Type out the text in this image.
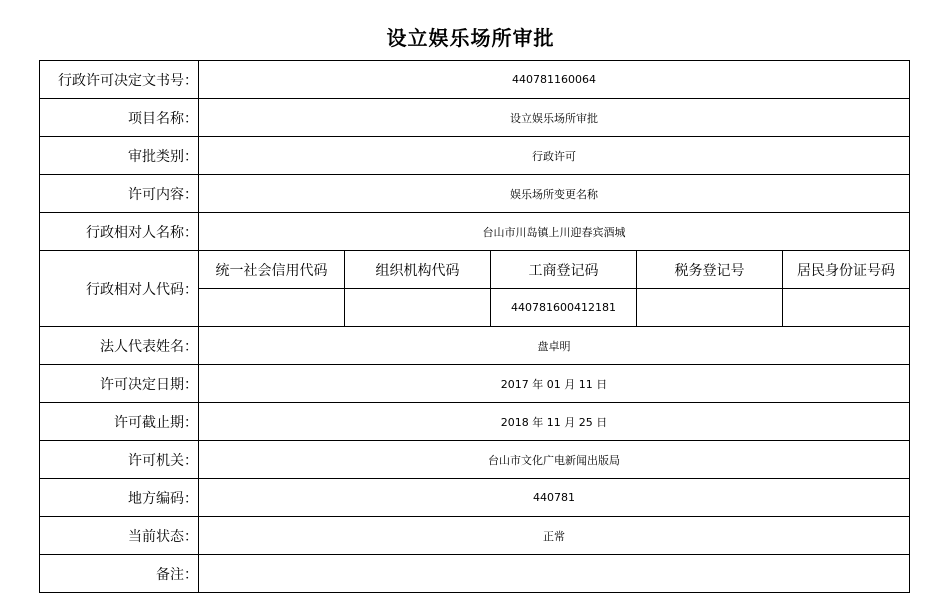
设立娱乐场所审批
行政许可决定文书号：	440781160064				
项目名称：	设立娱乐场所审批				
审批类别：	行政许可				
许可内容：	娱乐场所变更名称				
行政相对人名称：	台山市川岛镇上川迎春宾酒城				
行政相对人代码：	统一社会信用代码	组织机构代码	工商登记码	税务登记号	居民身份证号码
			440781600412181		
法人代表姓名：	盘卓明				
许可决定日期：	2017 年 01 月 11 日				
许可截止期：	2018 年 11 月 25 日				
许可机关：	台山市文化广电新闻出版局				
地方编码：	440781				
当前状态：	正常				
备注：					
